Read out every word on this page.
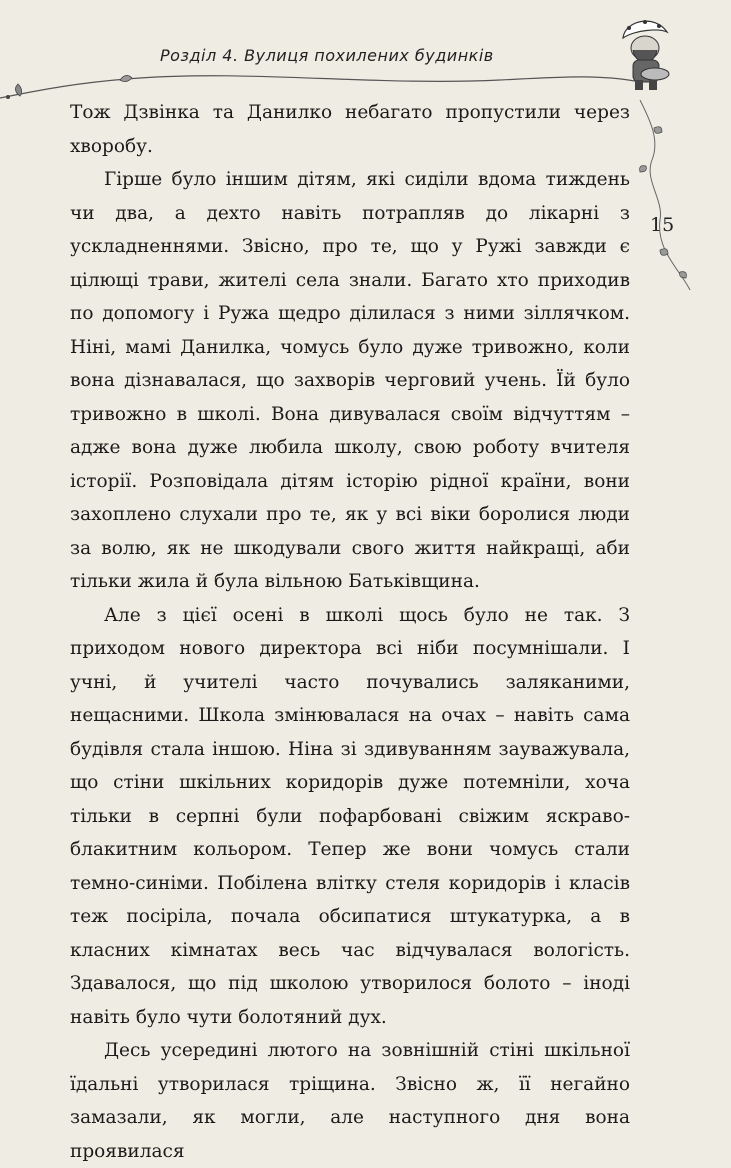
Розділ 4. Вулиця похилених будинків
15

Тож Дзвінка та Данилко небагато пропустили через хворобу.

Гірше було іншим дітям, які сиділи вдома тиждень чи два, а дехто навіть потрапляв до лікарні з ускладненнями. Звісно, про те, що у Ружі завжди є цілющі трави, жителі села знали. Багато хто приходив по допомогу і Ружа щедро ділилася з ними зіллячком. Ніні, мамі Данилка, чомусь було дуже тривожно, коли вона дізнавалася, що захворів черговий учень. Їй було тривожно в школі. Вона дивувалася своїм відчуттям – адже вона дуже любила школу, свою роботу вчителя історії. Розповідала дітям історію рідної країни, вони захоплено слухали про те, як у всі віки боролися люди за волю, як не шкодували свого життя найкращі, аби тільки жила й була вільною Батьківщина.

Але з цієї осені в школі щось було не так. З приходом нового директора всі ніби посумнішали. І учні, й учителі часто почувались заляканими, нещасними. Школа змінювалася на очах – навіть сама будівля стала іншою. Ніна зі здивуванням зауважувала, що стіни шкільних коридорів дуже потемніли, хоча тільки в серпні були пофарбовані свіжим яскраво-блакитним кольором. Тепер же вони чомусь стали темно-синіми. Побілена влітку стеля коридорів і класів теж посіріла, почала обсипатися штукатурка, а в класних кімнатах весь час відчувалася вологість. Здавалося, що під школою утворилося болото – іноді навіть було чути болотяний дух.

Десь усередині лютого на зовнішній стіні шкільної їдальні утворилася тріщина. Звісно ж, її негайно замазали, як могли, але наступного дня вона проявилася
